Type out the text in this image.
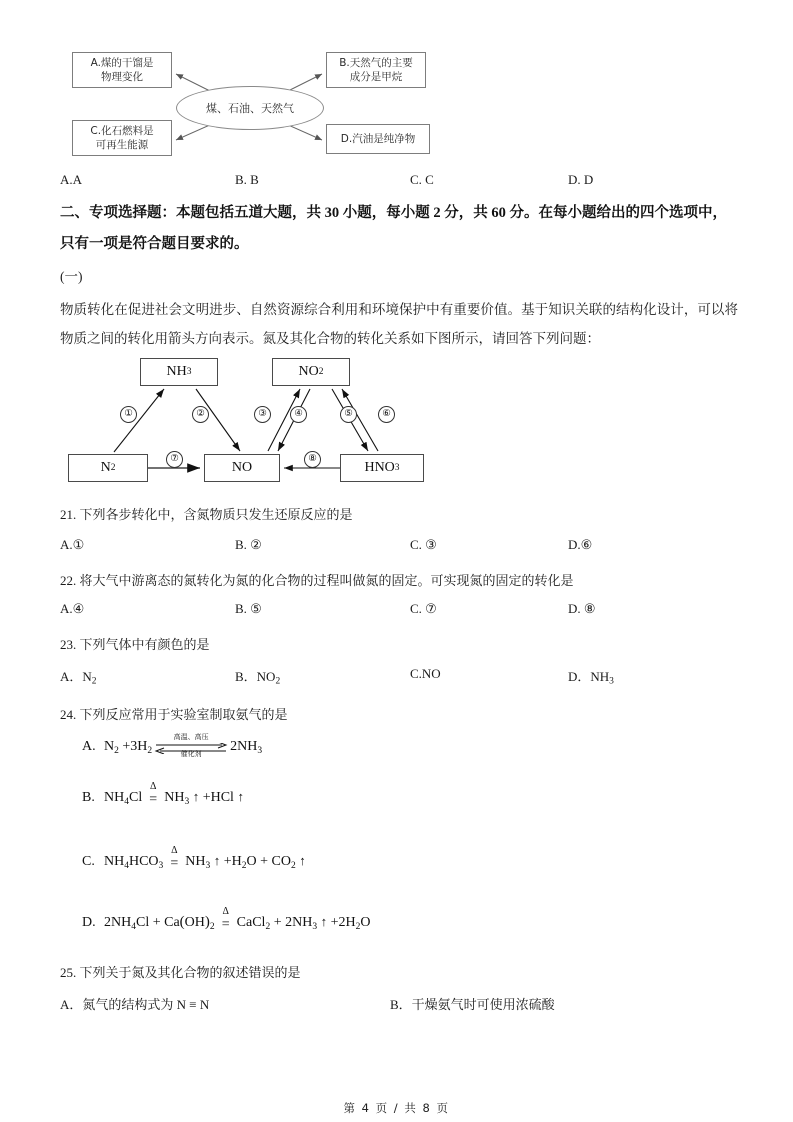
A.煤的干馏是
物理变化
C.化石燃料是
可再生能源
B.天然气的主要
成分是甲烷
D.汽油是纯净物
煤、石油、天然气
A.A	B. B	C. C	D. D
二、专项选择题：本题包括五道大题，共 30 小题，每小题 2 分，共 60 分。在每小题给出的四个选项中，只有一项是符合题目要求的。
(一)
物质转化在促进社会文明进步、自然资源综合利用和环境保护中有重要价值。基于知识关联的结构化设计，可以将物质之间的转化用箭头方向表示。氮及其化合物的转化关系如下图所示，请回答下列问题：
NH 3	NO 2
N 2	NO	HNO 3
①	②	③	④	⑤	⑥
⑦	⑧
21. 下列各步转化中，含氮物质只发生还原反应的是
A.①	B. ②	C. ③	D.⑥
22. 将大气中游离态的氮转化为氮的化合物的过程叫做氮的固定。可实现氮的固定的转化是
A.④	B. ⑤	C. ⑦	D. ⑧
23. 下列气体中有颜色的是
A．$N_2$	B．$NO_2$
C.NO	D．$NH_3$
24. 下列反应常用于实验室制取氨气的是
A. $N_2 +3H_2$
高温、高压
催化剂	$2NH_3$
B. $NH_4Cl$
Δ
= $NH_3$ ↑ +HCl ↑
C. $NH_4HCO_3$
Δ
= $NH_3$ ↑ $+H_2O + CO_2$ ↑
D. $2NH_4Cl + Ca(OH)_2$
Δ
= CaCl$_2$ + $2NH_3$ ↑ $+2H_2O$
25. 下列关于氮及其化合物的叙述错误的是
A．氮气的结构式为 N ≡ N	B．干燥氨气时可使用浓硫酸
第 4 页 / 共 8 页
